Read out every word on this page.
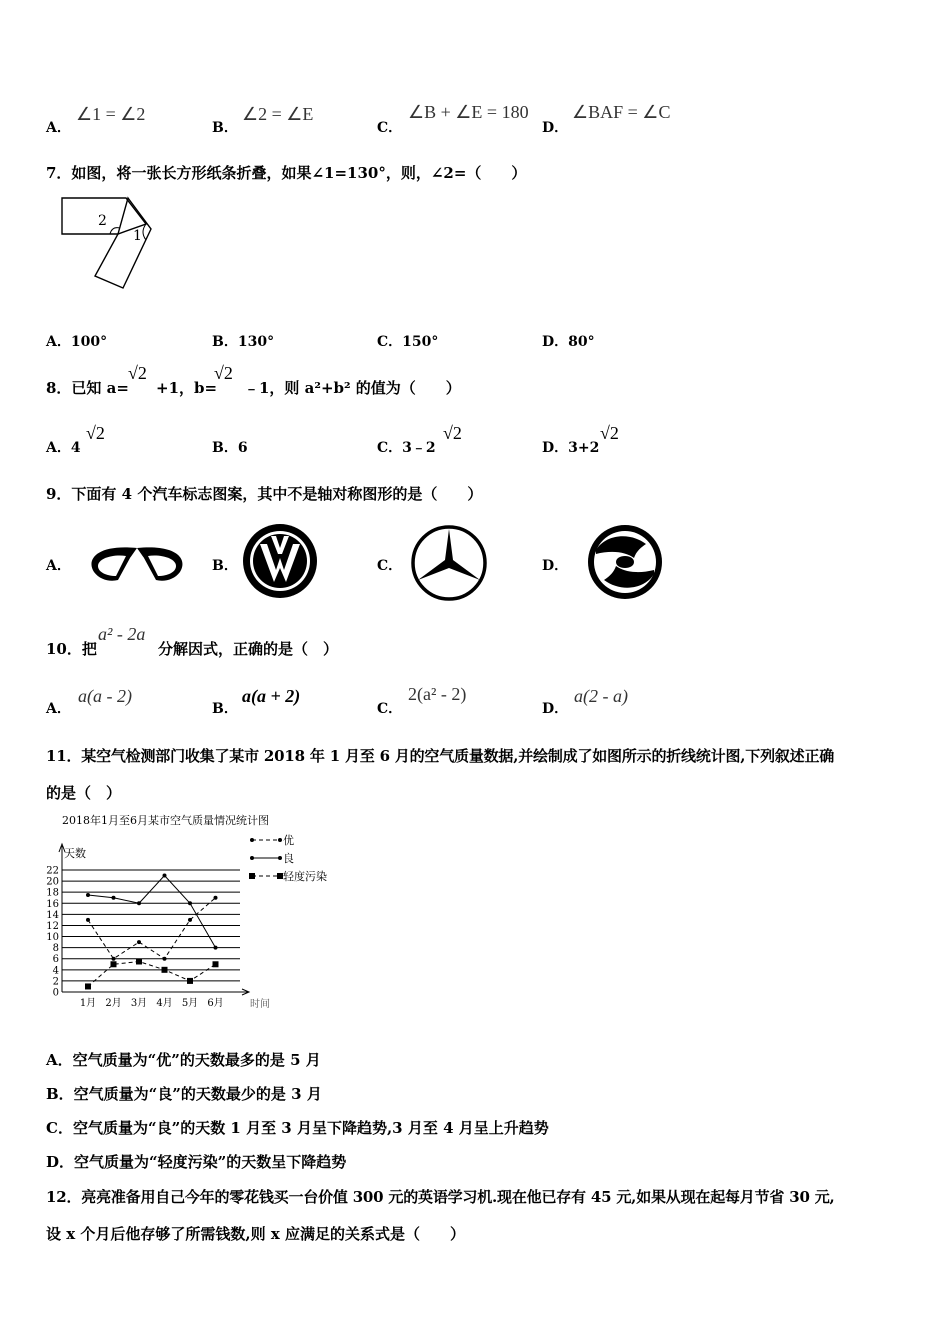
A．
∠1 = ∠2
B．
∠2 = ∠E
C．
∠B + ∠E = 180
D．
∠BAF = ∠C
7．如图，将一张长方形纸条折叠，如果∠1=130°，则，∠2=（　　）
2
1
A．100°	B．130°	C．150°	D．80°
8．已知 a=
√2
+1，b=
√2
﹣1，则 a²+b² 的值为（　　）
A．4
√2
B．6	C．3﹣2
√2
D．3+2
√2
9．下面有 4 个汽车标志图案，其中不是轴对称图形的是（　　）
A．	B．	C．	D．
10．把
a² - 2a
分解因式，正确的是（　）
A．
a(a - 2)
B．
a(a + 2)
C．
2(a² - 2)
D．
a(2 - a)
11．某空气检测部门收集了某市 2018 年 1 月至 6 月的空气质量数据,并绘制成了如图所示的折线统计图,下列叙述正确
的是（　）
2018年1月至6月某市空气质量情况统计图
天数
时间
0
2
4
6
8
10
12
14
16
18
20
22
1月 2月 3月 4月 5月 6月
优
良
轻度污染
A．空气质量为“优”的天数最多的是 5 月
B．空气质量为“良”的天数最少的是 3 月
C．空气质量为“良”的天数 1 月至 3 月呈下降趋势,3 月至 4 月呈上升趋势
D．空气质量为“轻度污染”的天数呈下降趋势
12．亮亮准备用自己今年的零花钱买一台价值 300 元的英语学习机.现在他已存有 45 元,如果从现在起每月节省 30 元,
设 x 个月后他存够了所需钱数,则 x 应满足的关系式是（　　）
